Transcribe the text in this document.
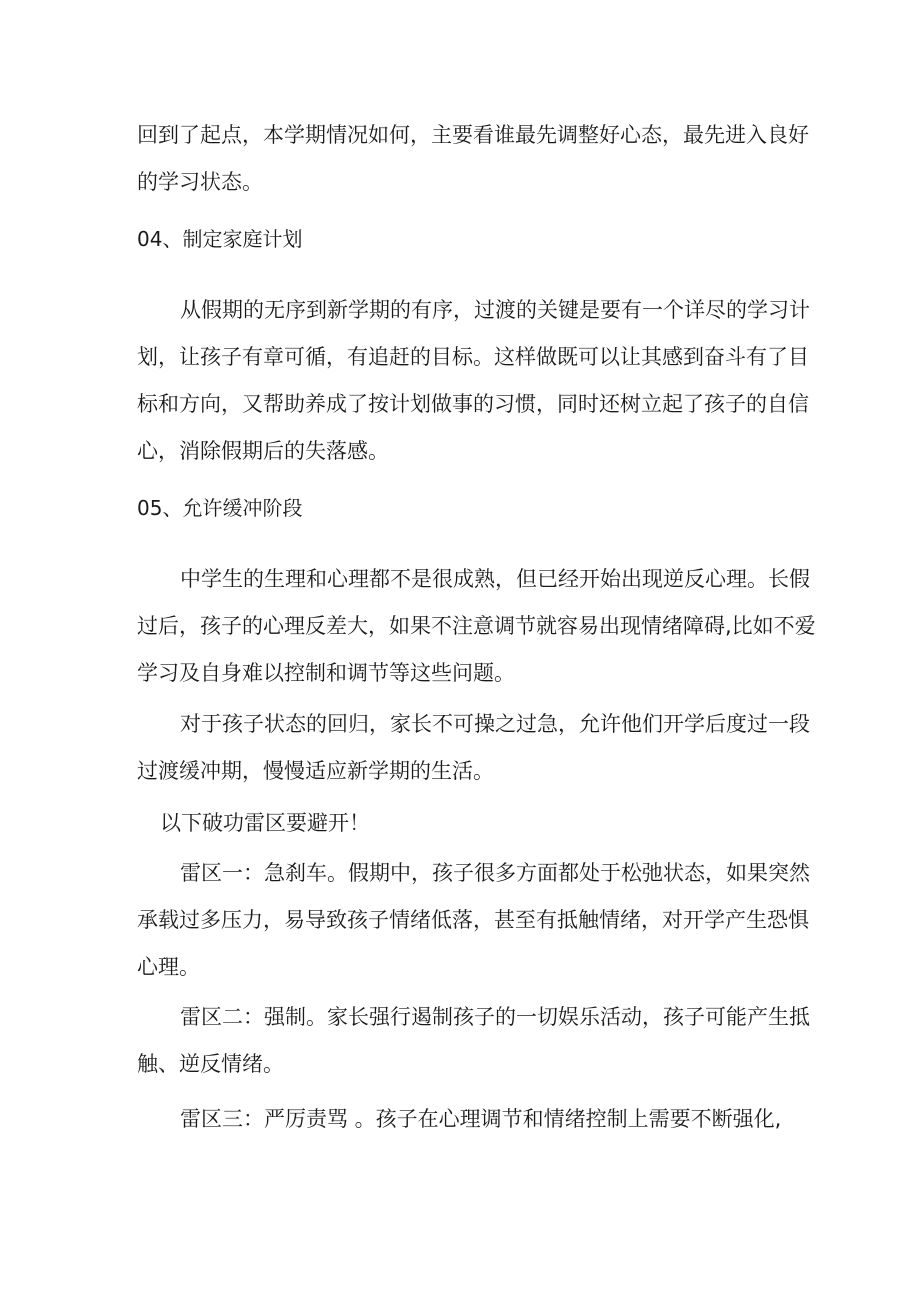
回到了起点，本学期情况如何，主要看谁最先调整好心态，最先进入良好

的学习状态。

04、制定家庭计划

从假期的无序到新学期的有序，过渡的关键是要有一个详尽的学习计

划，让孩子有章可循，有追赶的目标。这样做既可以让其感到奋斗有了目

标和方向，又帮助养成了按计划做事的习惯，同时还树立起了孩子的自信

心，消除假期后的失落感。

05、允许缓冲阶段

中学生的生理和心理都不是很成熟，但已经开始出现逆反心理。长假

过后，孩子的心理反差大，如果不注意调节就容易出现情绪障碍,比如不爱

学习及自身难以控制和调节等这些问题。

对于孩子状态的回归，家长不可操之过急，允许他们开学后度过一段

过渡缓冲期，慢慢适应新学期的生活。

以下破功雷区要避开！

雷区一：急刹车。假期中，孩子很多方面都处于松弛状态，如果突然

承载过多压力，易导致孩子情绪低落，甚至有抵触情绪，对开学产生恐惧

心理。

雷区二：强制。家长强行遏制孩子的一切娱乐活动，孩子可能产生抵

触、逆反情绪。

雷区三：严厉责骂 。孩子在心理调节和情绪控制上需要不断强化,
